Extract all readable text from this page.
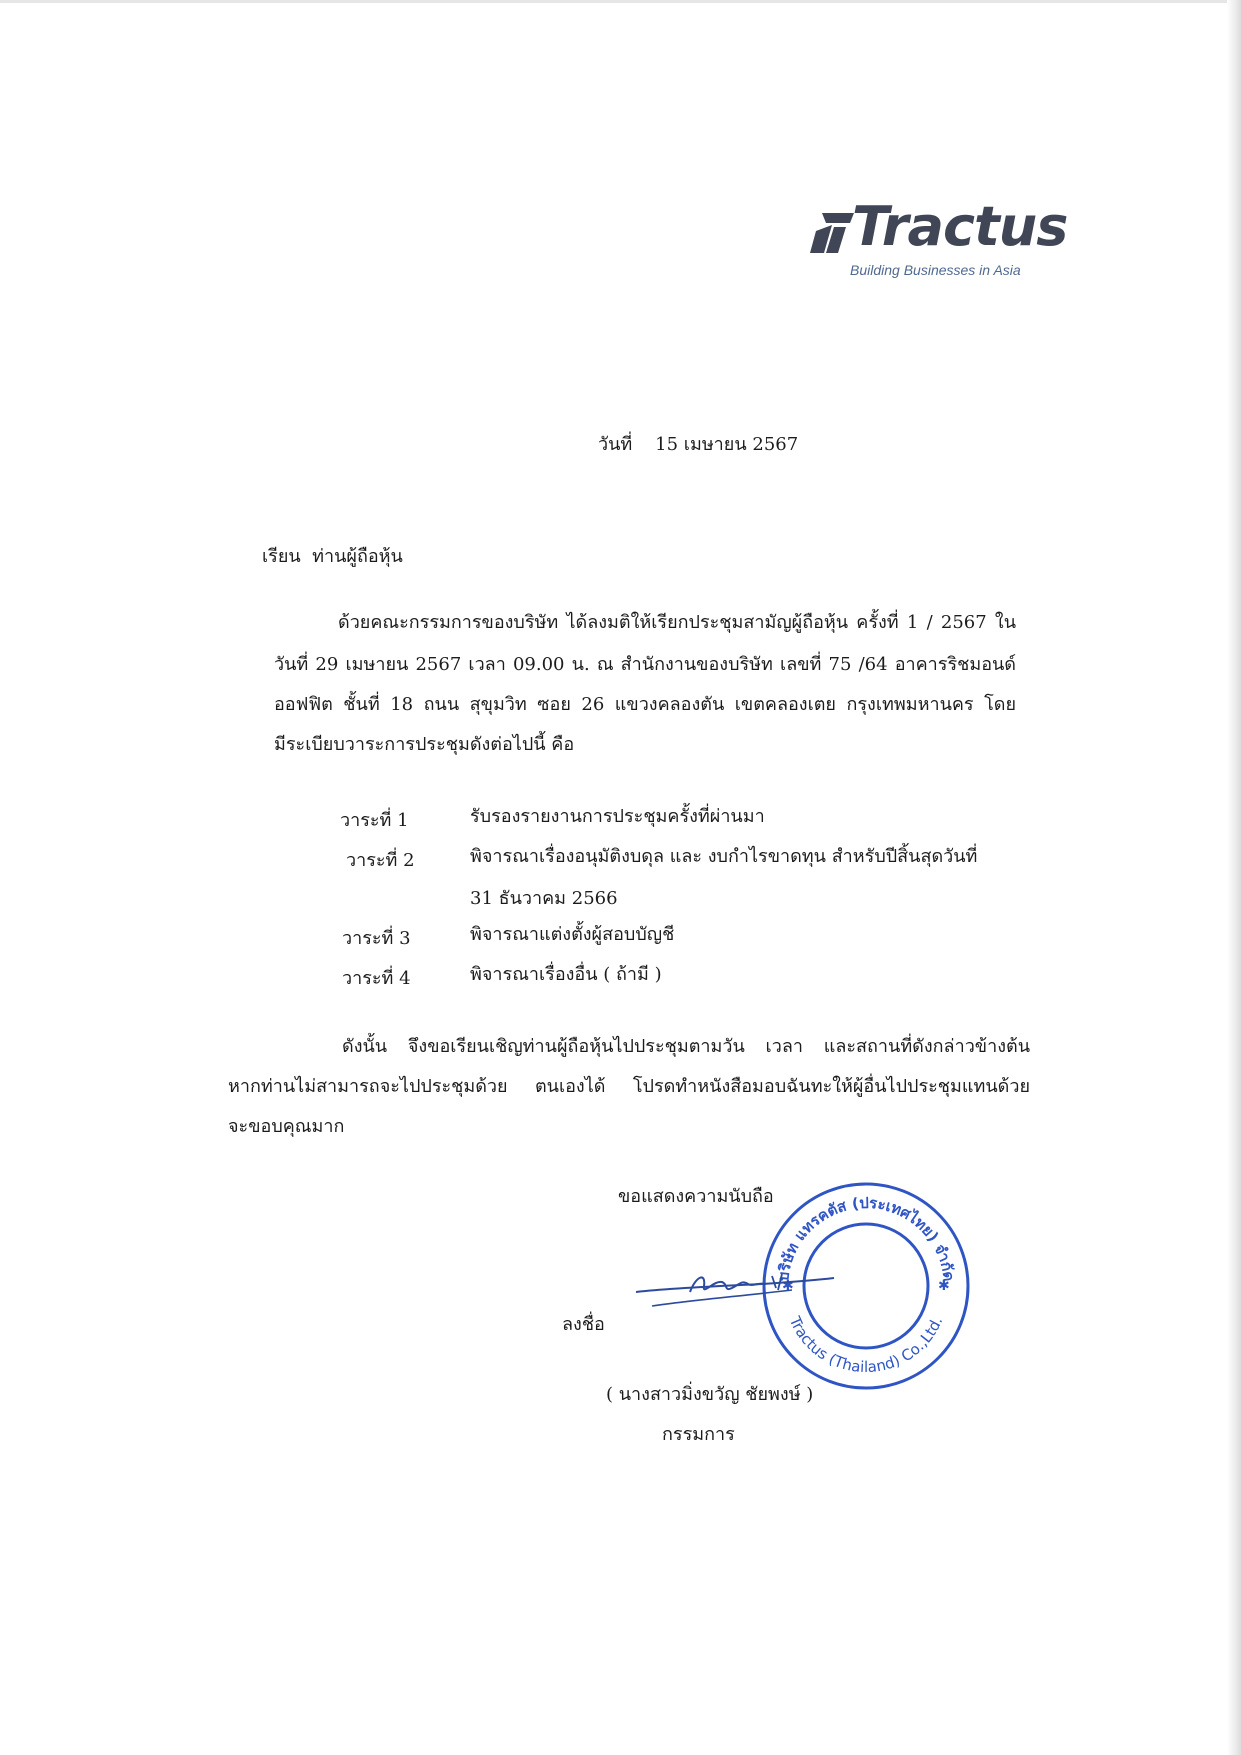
Tractus
Building Businesses in Asia
วันที่ 15 เมษายน 2567
เรียน ท่านผู้ถือหุ้น
ด้วยคณะกรรมการของบริษัท ได้ลงมติให้เรียกประชุมสามัญผู้ถือหุ้น ครั้งที่ 1 / 2567 ใน
วันที่ 29 เมษายน 2567 เวลา 09.00 น. ณ สำนักงานของบริษัท เลขที่ 75 /64 อาคารริชมอนด์
ออฟฟิต ชั้นที่ 18 ถนน สุขุมวิท ซอย 26 แขวงคลองตัน เขตคลองเตย กรุงเทพมหานคร โดย
มีระเบียบวาระการประชุมดังต่อไปนี้ คือ
วาระที่ 1	รับรองรายงานการประชุมครั้งที่ผ่านมา
วาระที่ 2	พิจารณาเรื่องอนุมัติงบดุล และ งบกำไรขาดทุน สำหรับปีสิ้นสุดวันที่
31 ธันวาคม 2566
วาระที่ 3	พิจารณาแต่งตั้งผู้สอบบัญชี
วาระที่ 4	พิจารณาเรื่องอื่น ( ถ้ามี )
ดังนั้น จึงขอเรียนเชิญท่านผู้ถือหุ้นไปประชุมตามวัน เวลา และสถานที่ดังกล่าวข้างต้น
หากท่านไม่สามารถจะไปประชุมด้วย ตนเองได้ โปรดทำหนังสือมอบฉันทะให้ผู้อื่นไปประชุมแทนด้วย
จะขอบคุณมาก
ขอแสดงความนับถือ
ลงชื่อ
( นางสาวมิ่งขวัญ ชัยพงษ์ )
กรรมการ
บริษัท แทรคตัส (ประเทศไทย) จำกัด
Tractus (Thailand) Co.,Ltd.
✱	✱
